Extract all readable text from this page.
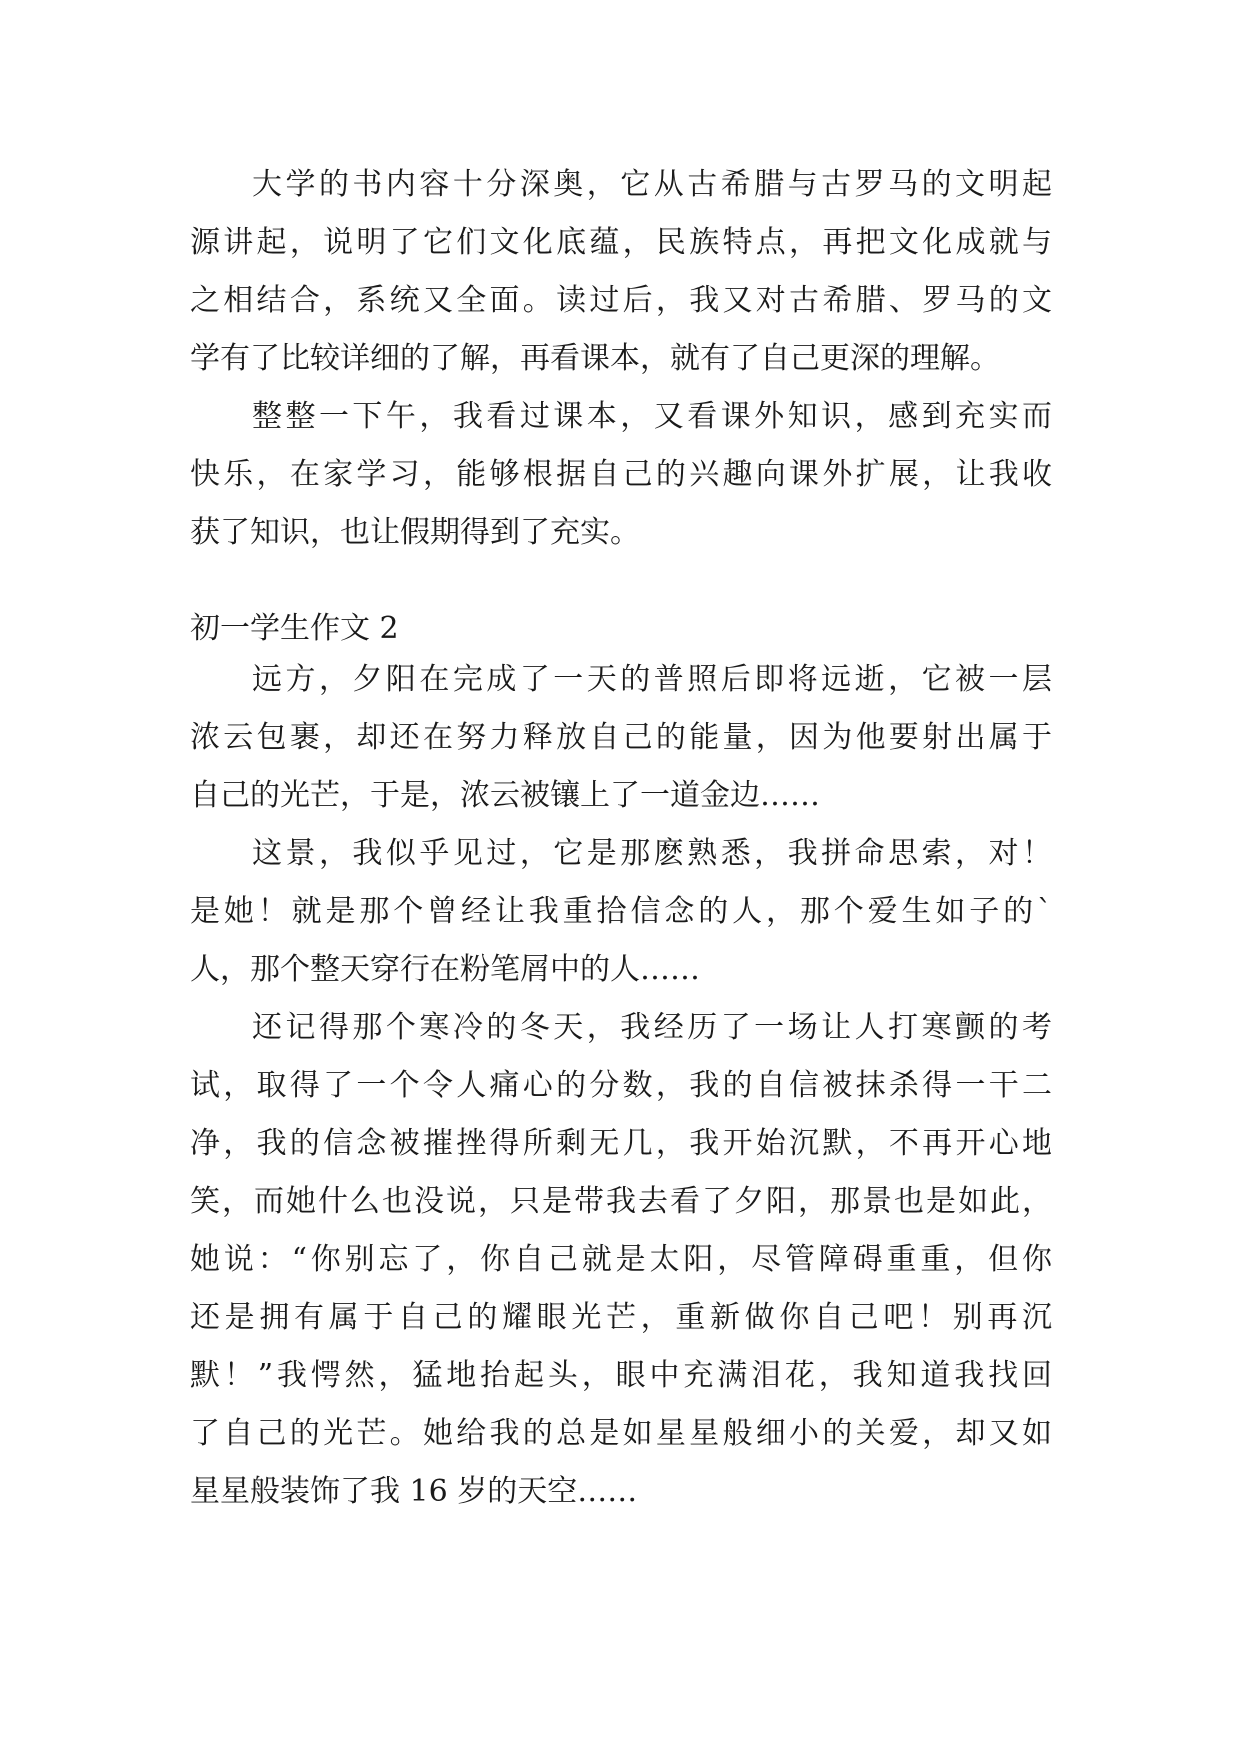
大学的书内容十分深奥，它从古希腊与古罗马的文明起
源讲起，说明了它们文化底蕴，民族特点，再把文化成就与
之相结合，系统又全面。读过后，我又对古希腊、罗马的文
学有了比较详细的了解，再看课本，就有了自己更深的理解。
整整一下午，我看过课本，又看课外知识，感到充实而
快乐，在家学习，能够根据自己的兴趣向课外扩展，让我收
获了知识，也让假期得到了充实。
初一学生作文 2
远方，夕阳在完成了一天的普照后即将远逝，它被一层
浓云包裹，却还在努力释放自己的能量，因为他要射出属于
自己的光芒，于是，浓云被镶上了一道金边……
这景，我似乎见过，它是那麽熟悉，我拼命思索，对！
是她！就是那个曾经让我重拾信念的人，那个爱生如子的`
人，那个整天穿行在粉笔屑中的人……
还记得那个寒冷的冬天，我经历了一场让人打寒颤的考
试，取得了一个令人痛心的分数，我的自信被抹杀得一干二
净，我的信念被摧挫得所剩无几，我开始沉默，不再开心地
笑，而她什么也没说，只是带我去看了夕阳，那景也是如此，
她说：“你别忘了，你自己就是太阳，尽管障碍重重，但你
还是拥有属于自己的耀眼光芒，重新做你自己吧！别再沉
默！”我愕然，猛地抬起头，眼中充满泪花，我知道我找回
了自己的光芒。她给我的总是如星星般细小的关爱，却又如
星星般装饰了我 16 岁的天空……
